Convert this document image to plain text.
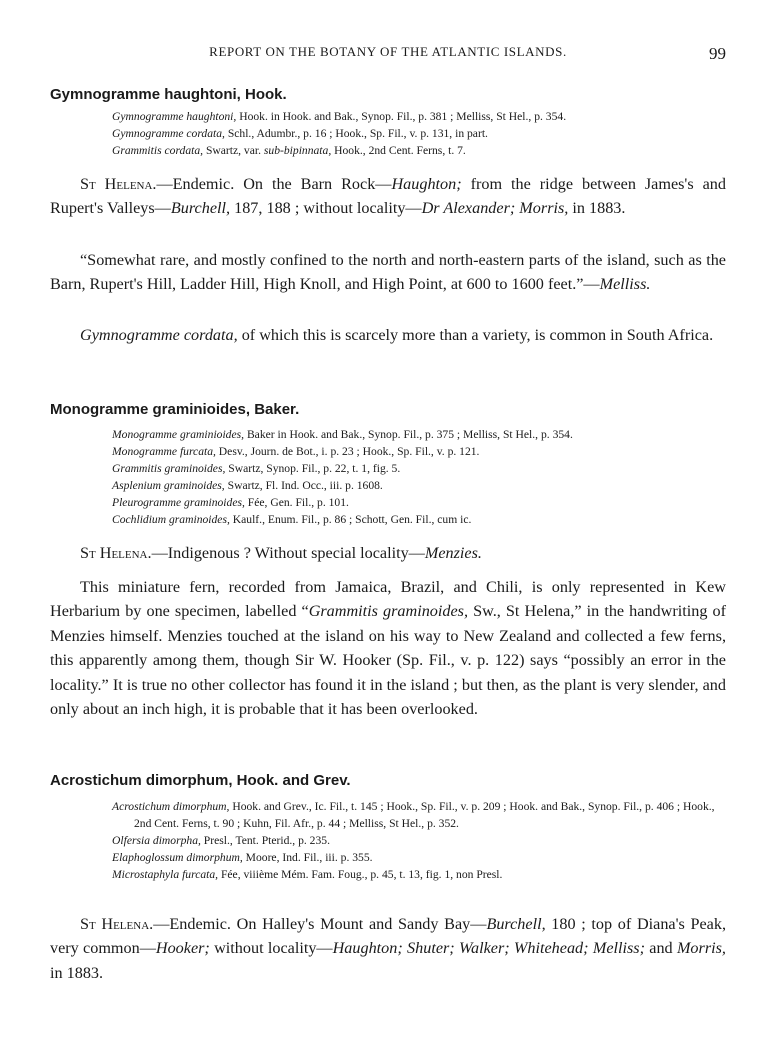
REPORT ON THE BOTANY OF THE ATLANTIC ISLANDS.	99
Gymnogramme haughtoni, Hook.
Gymnogramme haughtoni, Hook. in Hook. and Bak., Synop. Fil., p. 381 ; Melliss, St Hel., p. 354.
Gymnogramme cordata, Schl., Adumbr., p. 16 ; Hook., Sp. Fil., v. p. 131, in part.
Grammitis cordata, Swartz, var. sub-bipinnata, Hook., 2nd Cent. Ferns, t. 7.

St Helena.—Endemic. On the Barn Rock—Haughton; from the ridge between James's and Rupert's Valleys—Burchell, 187, 188 ; without locality—Dr Alexander; Morris, in 1883.

“Somewhat rare, and mostly confined to the north and north-eastern parts of the island, such as the Barn, Rupert's Hill, Ladder Hill, High Knoll, and High Point, at 600 to 1600 feet.”—Melliss.

Gymnogramme cordata, of which this is scarcely more than a variety, is common in South Africa.

Monogramme graminioides, Baker.
Monogramme graminioides, Baker in Hook. and Bak., Synop. Fil., p. 375 ; Melliss, St Hel., p. 354.
Monogramme furcata, Desv., Journ. de Bot., i. p. 23 ; Hook., Sp. Fil., v. p. 121.
Grammitis graminoides, Swartz, Synop. Fil., p. 22, t. 1, fig. 5.
Asplenium graminoides, Swartz, Fl. Ind. Occ., iii. p. 1608.
Pleurogramme graminoides, Fée, Gen. Fil., p. 101.
Cochlidium graminoides, Kaulf., Enum. Fil., p. 86 ; Schott, Gen. Fil., cum ic.

St Helena.—Indigenous ? Without special locality—Menzies.

This miniature fern, recorded from Jamaica, Brazil, and Chili, is only represented in Kew Herbarium by one specimen, labelled “Grammitis graminoides, Sw., St Helena,” in the handwriting of Menzies himself. Menzies touched at the island on his way to New Zealand and collected a few ferns, this apparently among them, though Sir W. Hooker (Sp. Fil., v. p. 122) says “possibly an error in the locality.” It is true no other collector has found it in the island ; but then, as the plant is very slender, and only about an inch high, it is probable that it has been overlooked.

Acrostichum dimorphum, Hook. and Grev.
Acrostichum dimorphum, Hook. and Grev., Ic. Fil., t. 145 ; Hook., Sp. Fil., v. p. 209 ; Hook. and Bak., Synop. Fil., p. 406 ; Hook., 2nd Cent. Ferns, t. 90 ; Kuhn, Fil. Afr., p. 44 ; Melliss, St Hel., p. 352.
Olfersia dimorpha, Presl., Tent. Pterid., p. 235.
Elaphoglossum dimorphum, Moore, Ind. Fil., iii. p. 355.
Microstaphyla furcata, Fée, viiième Mém. Fam. Foug., p. 45, t. 13, fig. 1, non Presl.

St Helena.—Endemic. On Halley's Mount and Sandy Bay—Burchell, 180 ; top of Diana's Peak, very common—Hooker; without locality—Haughton; Shuter; Walker; Whitehead; Melliss; and Morris, in 1883.
